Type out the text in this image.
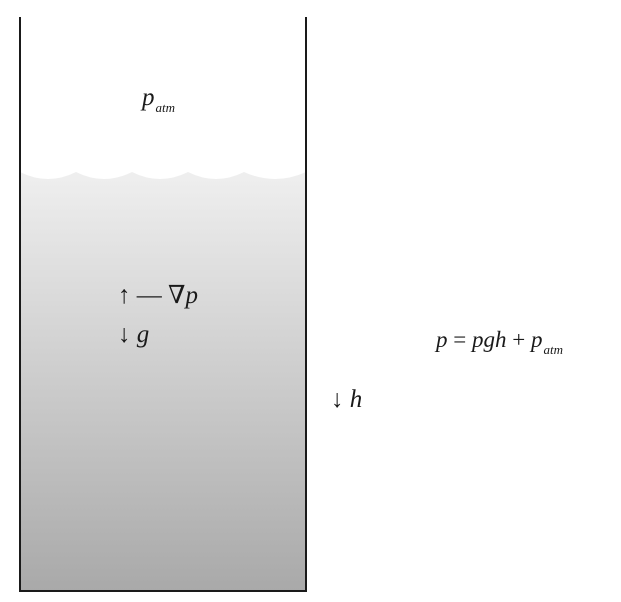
$p_{atm}$
↑ — ∇p
↓ g
↓ h
p = pgh + $p_{atm}$
